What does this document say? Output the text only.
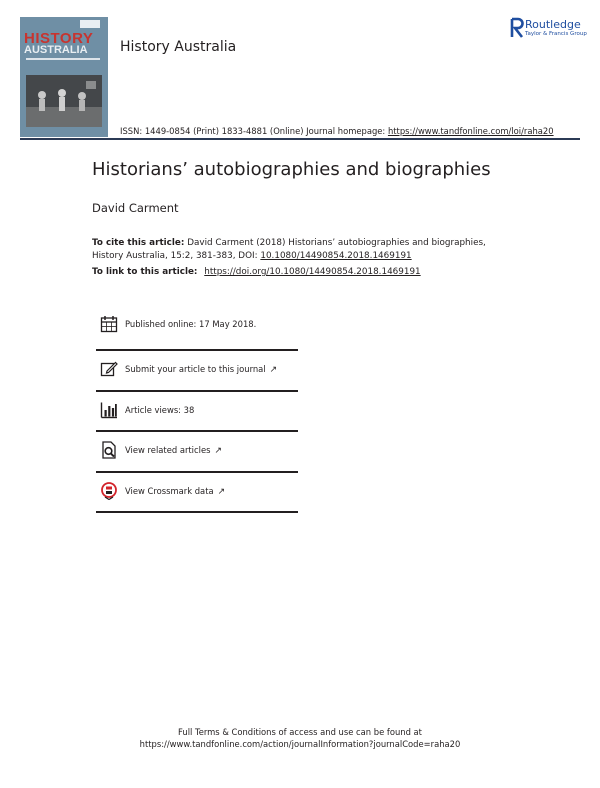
HISTORY
AUSTRALIA History Australia
Routledge
Taylor & Francis Group
ISSN: 1449-0854 (Print) 1833-4881 (Online) Journal homepage: https://www.tandfonline.com/loi/raha20
Historians’ autobiographies and biographies
David Carment
To cite this article: David Carment (2018) Historians’ autobiographies and biographies, History Australia, 15:2, 381-383, DOI: 10.1080/14490854.2018.1469191
To link to this article: https://doi.org/10.1080/14490854.2018.1469191
Published online: 17 May 2018.
Submit your article to this journal ↗
Article views: 38
View related articles ↗
View Crossmark data ↗
Full Terms & Conditions of access and use can be found at
https://www.tandfonline.com/action/journalInformation?journalCode=raha20
